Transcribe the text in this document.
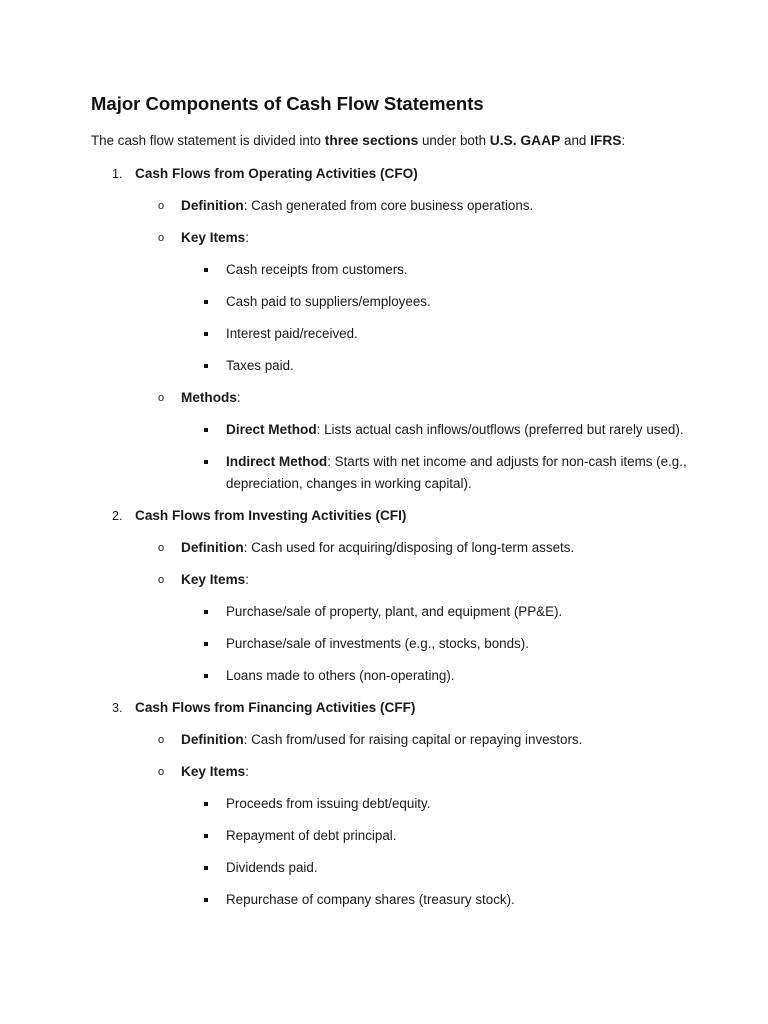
Major Components of Cash Flow Statements
The cash flow statement is divided into three sections under both U.S. GAAP and IFRS:
1. Cash Flows from Operating Activities (CFO)
o Definition: Cash generated from core business operations.
o Key Items:
Cash receipts from customers.
Cash paid to suppliers/employees.
Interest paid/received.
Taxes paid.
o Methods:
Direct Method: Lists actual cash inflows/outflows (preferred but rarely used).
Indirect Method: Starts with net income and adjusts for non-cash items (e.g., depreciation, changes in working capital).
2. Cash Flows from Investing Activities (CFI)
o Definition: Cash used for acquiring/disposing of long-term assets.
o Key Items:
Purchase/sale of property, plant, and equipment (PP&E).
Purchase/sale of investments (e.g., stocks, bonds).
Loans made to others (non-operating).
3. Cash Flows from Financing Activities (CFF)
o Definition: Cash from/used for raising capital or repaying investors.
o Key Items:
Proceeds from issuing debt/equity.
Repayment of debt principal.
Dividends paid.
Repurchase of company shares (treasury stock).
